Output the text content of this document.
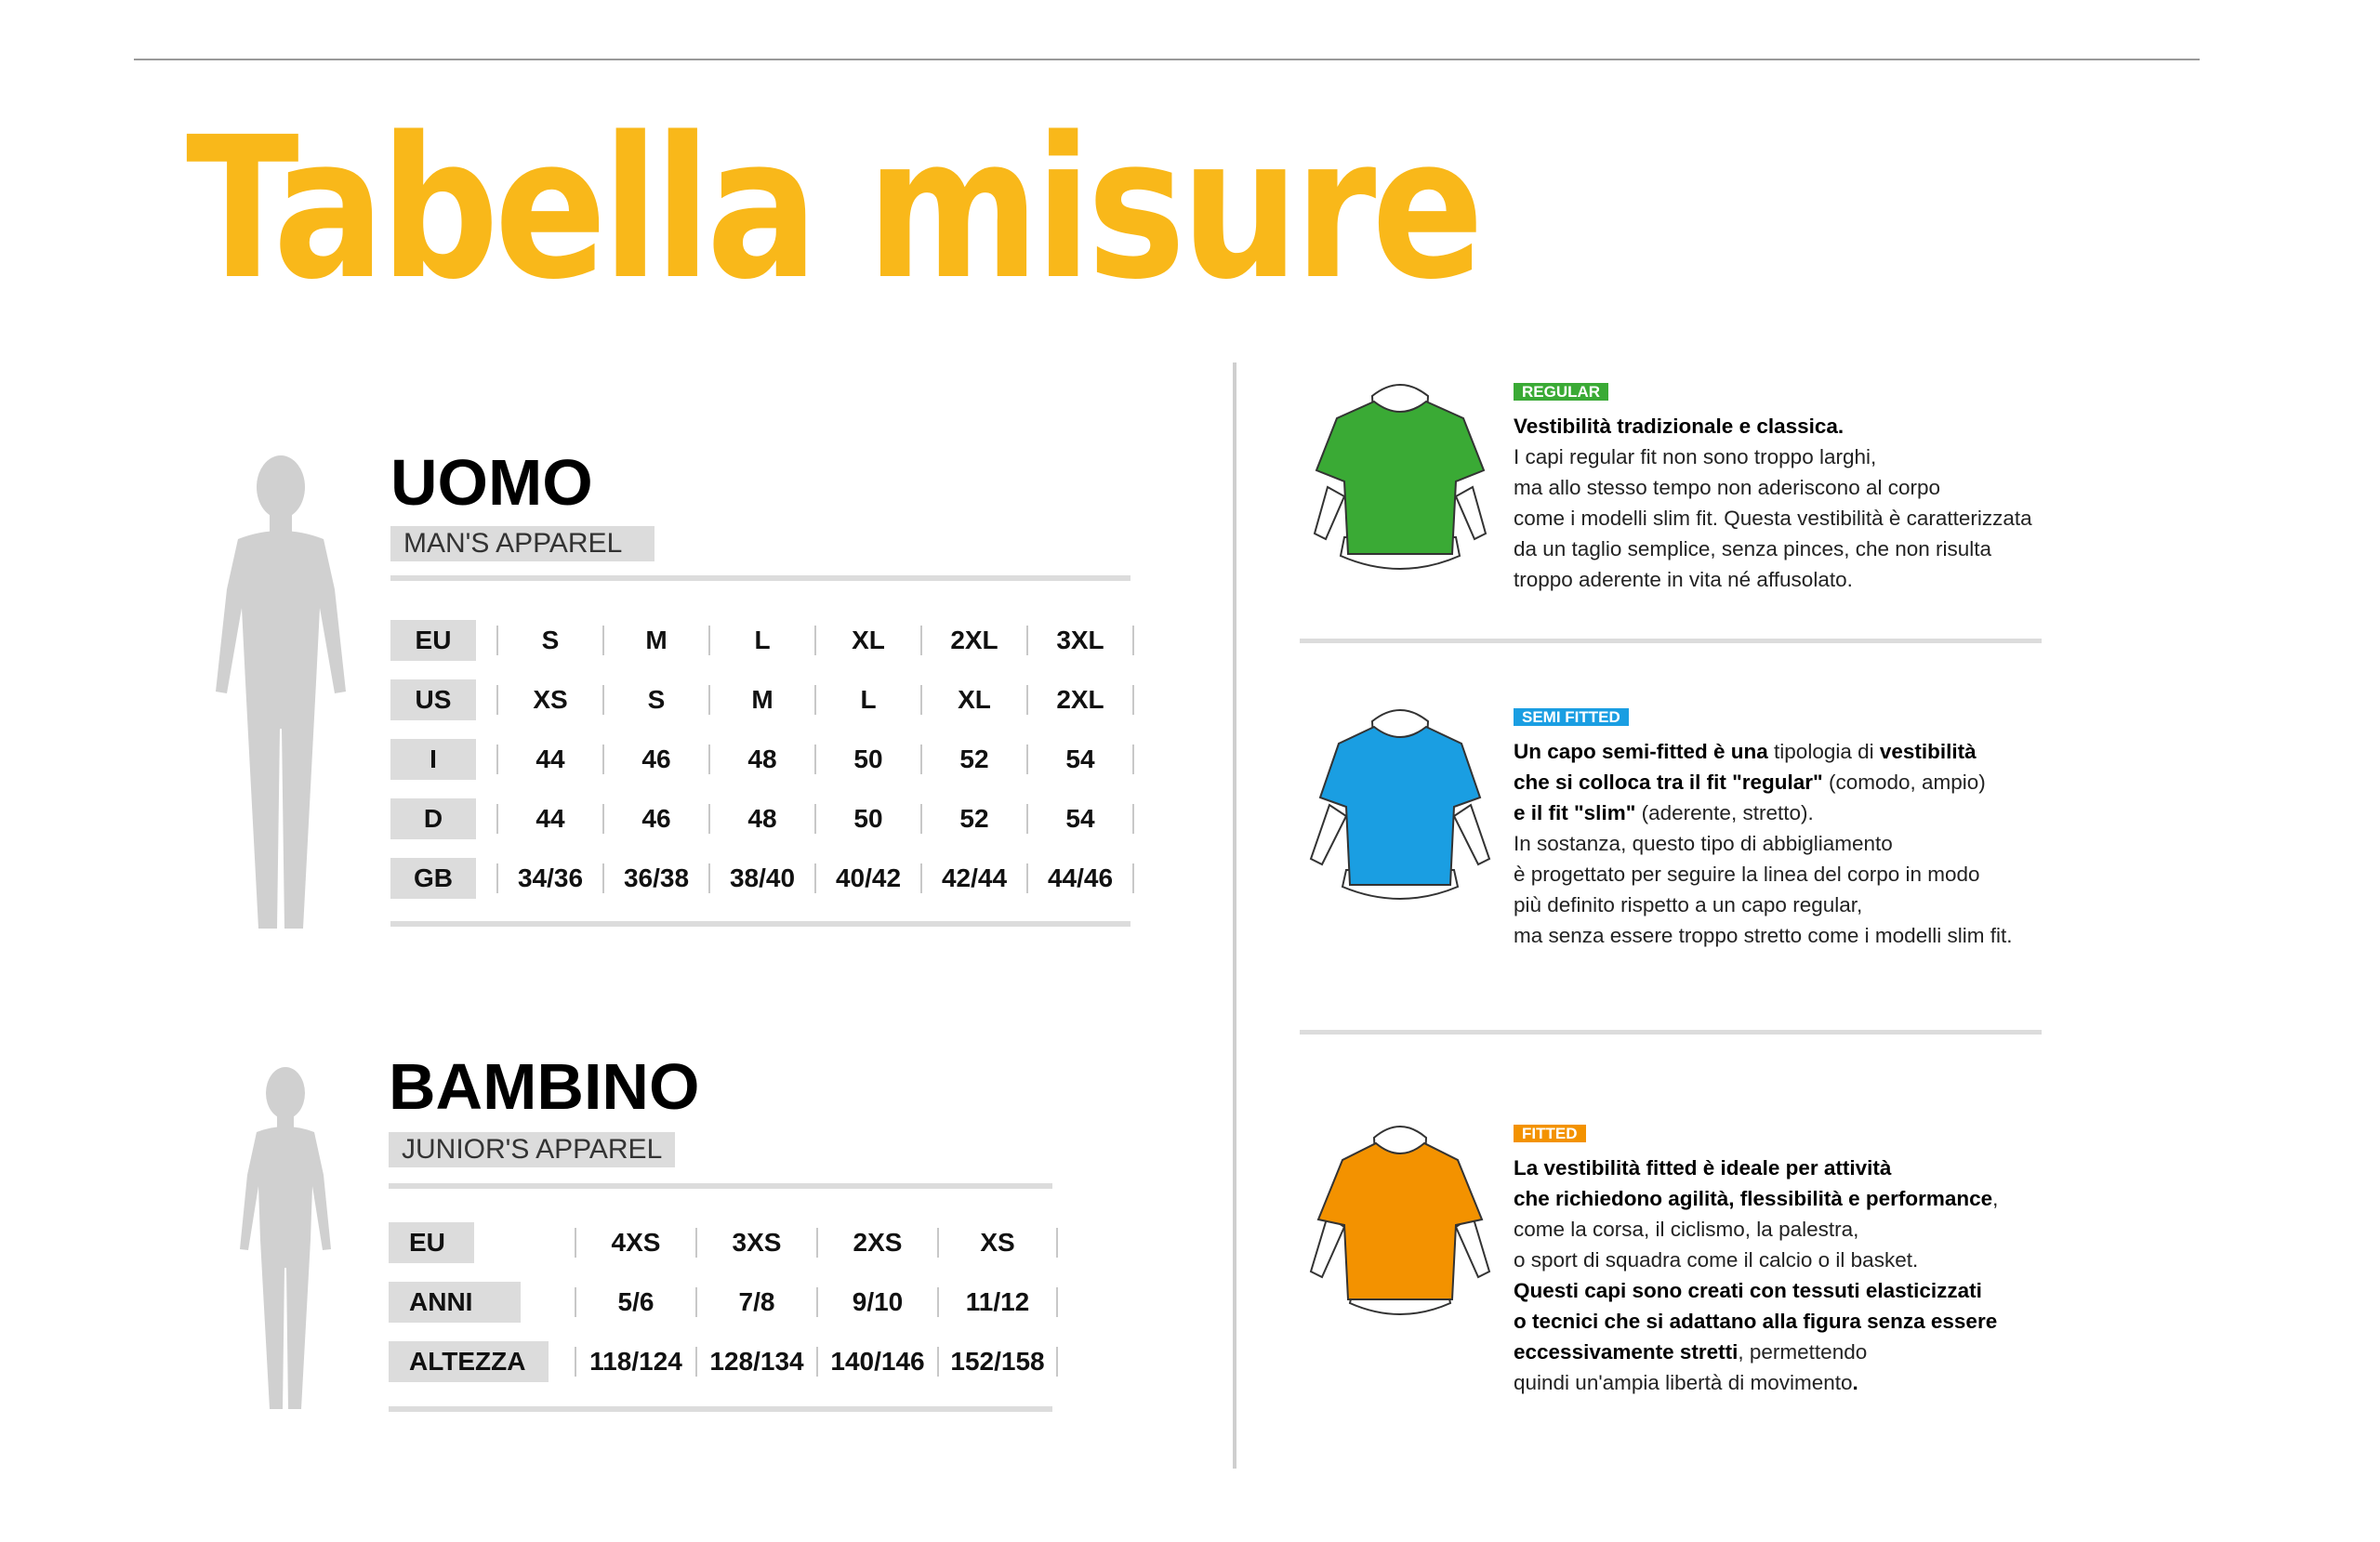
Tabella misure
UOMO
MAN'S APPAREL
EU	S	M	L	XL	2XL	3XL
US	XS	S	M	L	XL	2XL
I	44	46	48	50	52	54
D	44	46	48	50	52	54
GB	34/36	36/38	38/40	40/42	42/44	44/46
BAMBINO
JUNIOR'S APPAREL
EU	4XS	3XS	2XS	XS
ANNI	5/6	7/8	9/10	11/12
ALTEZZA	118/124	128/134	140/146 152/158
REGULAR

Vestibilità tradizionale e classica.

I capi regular fit non sono troppo larghi,

ma allo stesso tempo non aderiscono al corpo

come i modelli slim fit. Questa vestibilità è caratterizzata

da un taglio semplice, senza pinces, che non risulta

troppo aderente in vita né affusolato.

SEMI FITTED

Un capo semi-fitted è una tipologia di vestibilità

che si colloca tra il fit "regular" (comodo, ampio)

e il fit "slim" (aderente, stretto).

In sostanza, questo tipo di abbigliamento

è progettato per seguire la linea del corpo in modo

più definito rispetto a un capo regular,

ma senza essere troppo stretto come i modelli slim fit.

FITTED

La vestibilità fitted è ideale per attività

che richiedono agilità, flessibilità e performance,

come la corsa, il ciclismo, la palestra,

o sport di squadra come il calcio o il basket.

Questi capi sono creati con tessuti elasticizzati

o tecnici che si adattano alla figura senza essere

eccessivamente stretti, permettendo

quindi un'ampia libertà di movimento.
